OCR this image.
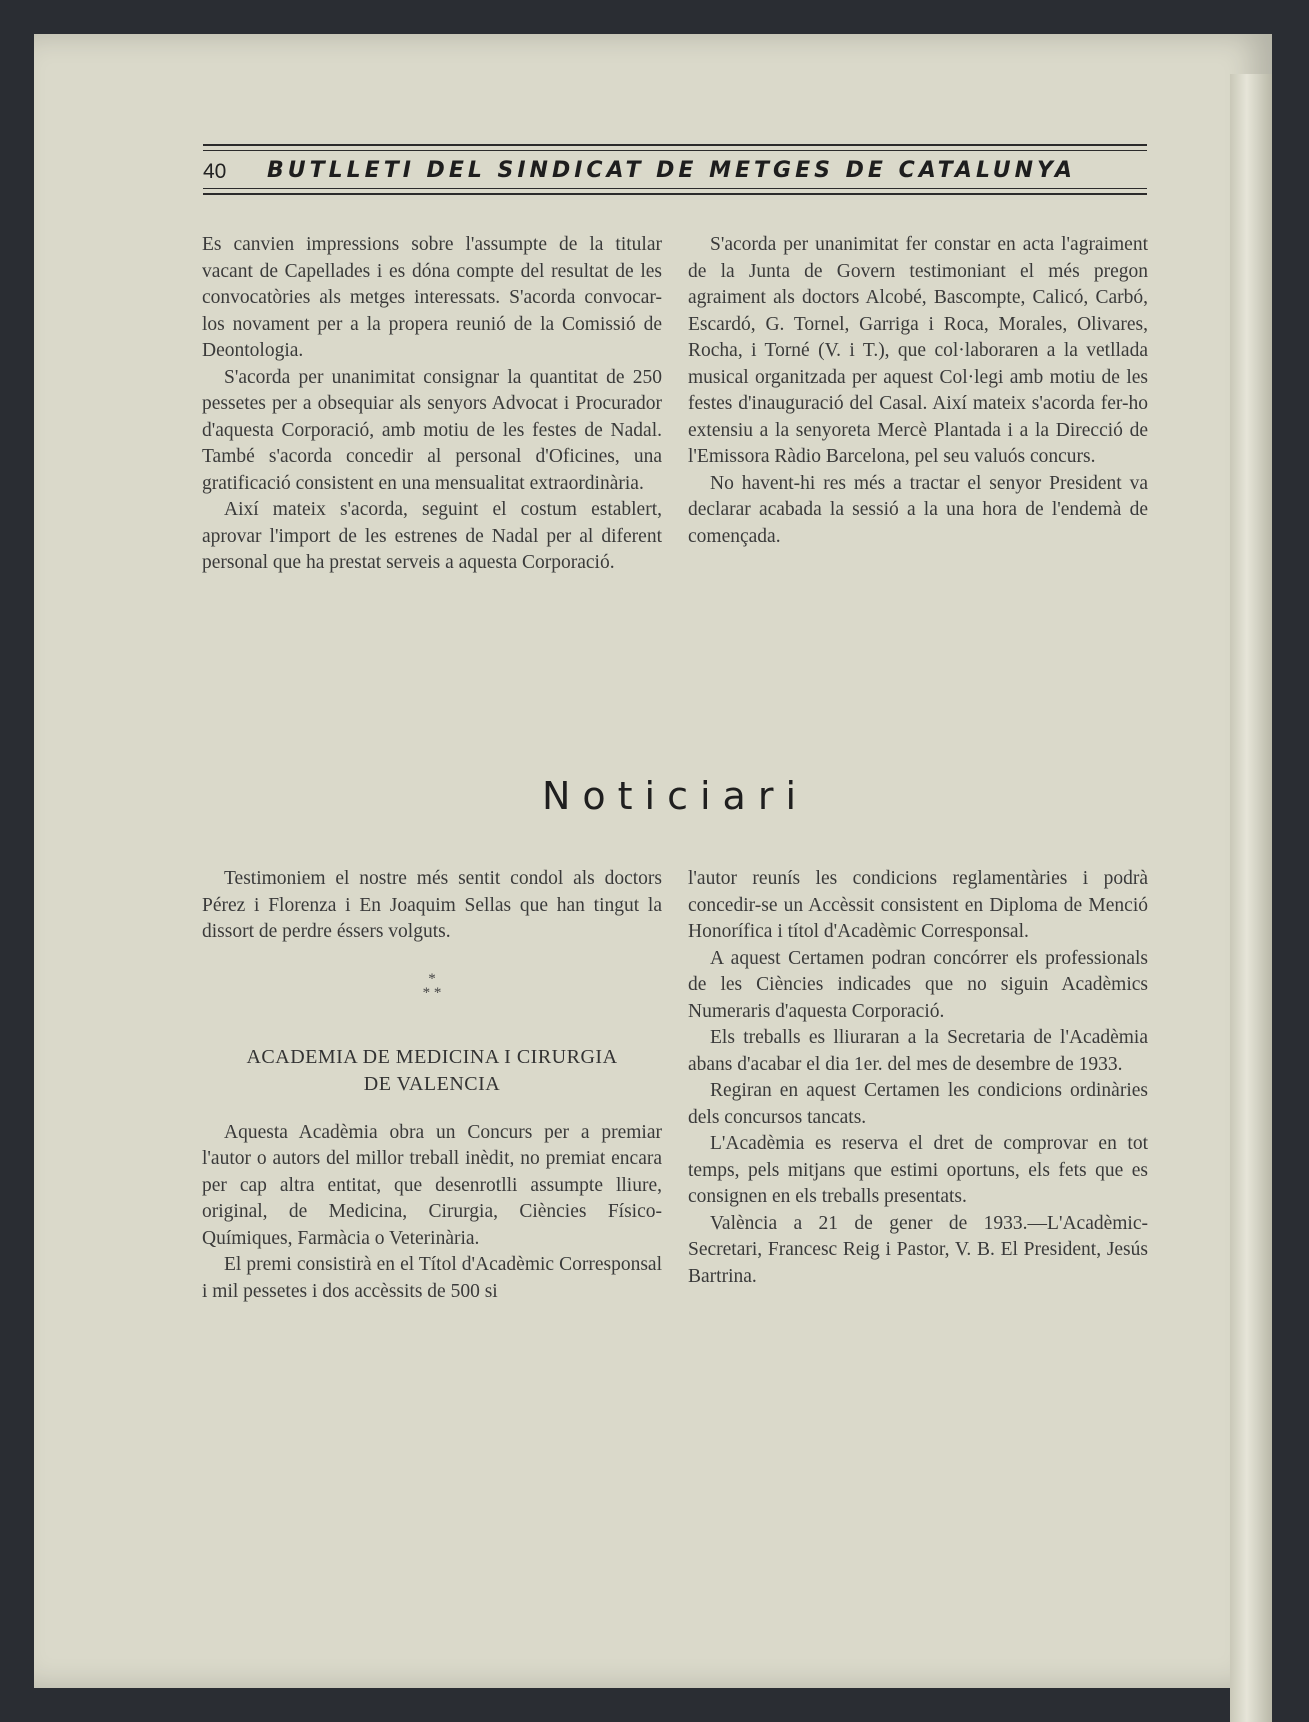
40 BUTLLETI DEL SINDICAT DE METGES DE CATALUNYA

Es canvien impressions sobre l'assumpte de la titular vacant de Capellades i es dóna compte del resultat de les convocatòries als metges interessats. S'acorda convocar-los novament per a la propera reunió de la Comissió de Deontologia.

S'acorda per unanimitat consignar la quantitat de 250 pessetes per a obsequiar als senyors Advocat i Procurador d'aquesta Corporació, amb motiu de les festes de Nadal. També s'acorda concedir al personal d'Oficines, una gratificació consistent en una mensualitat extraordinària.

Així mateix s'acorda, seguint el costum establert, aprovar l'import de les estrenes de Nadal per al diferent personal que ha prestat serveis a aquesta Corporació.

S'acorda per unanimitat fer constar en acta l'agraiment de la Junta de Govern testimoniant el més pregon agraiment als doctors Alcobé, Bascompte, Calicó, Carbó, Escardó, G. Tornel, Garriga i Roca, Morales, Olivares, Rocha, i Torné (V. i T.), que col·laboraren a la vetllada musical organitzada per aquest Col·legi amb motiu de les festes d'inauguració del Casal. Així mateix s'acorda fer-ho extensiu a la senyoreta Mercè Plantada i a la Direcció de l'Emissora Ràdio Barcelona, pel seu valuós concurs.

No havent-hi res més a tractar el senyor President va declarar acabada la sessió a la una hora de l'endemà de començada.

Noticiari

Testimoniem el nostre més sentit condol als doctors Pérez i Florenza i En Joaquim Sellas que han tingut la dissort de perdre éssers volguts.

*
* *
ACADEMIA DE MEDICINA I CIRURGIA
DE VALENCIA

Aquesta Acadèmia obra un Concurs per a premiar l'autor o autors del millor treball inèdit, no premiat encara per cap altra entitat, que desenrotlli assumpte lliure, original, de Medicina, Cirurgia, Ciències Físico-Químiques, Farmàcia o Veterinària.

El premi consistirà en el Títol d'Acadèmic Corresponsal i mil pessetes i dos accèssits de 500 si

l'autor reunís les condicions reglamentàries i podrà concedir-se un Accèssit consistent en Diploma de Menció Honorífica i títol d'Acadèmic Corresponsal.

A aquest Certamen podran concórrer els professionals de les Ciències indicades que no siguin Acadèmics Numeraris d'aquesta Corporació.

Els treballs es lliuraran a la Secretaria de l'Acadèmia abans d'acabar el dia 1er. del mes de desembre de 1933.

Regiran en aquest Certamen les condicions ordinàries dels concursos tancats.

L'Acadèmia es reserva el dret de comprovar en tot temps, pels mitjans que estimi oportuns, els fets que es consignen en els treballs presentats.

València a 21 de gener de 1933.—L'Acadèmic-Secretari, Francesc Reig i Pastor, V. B. El President, Jesús Bartrina.
